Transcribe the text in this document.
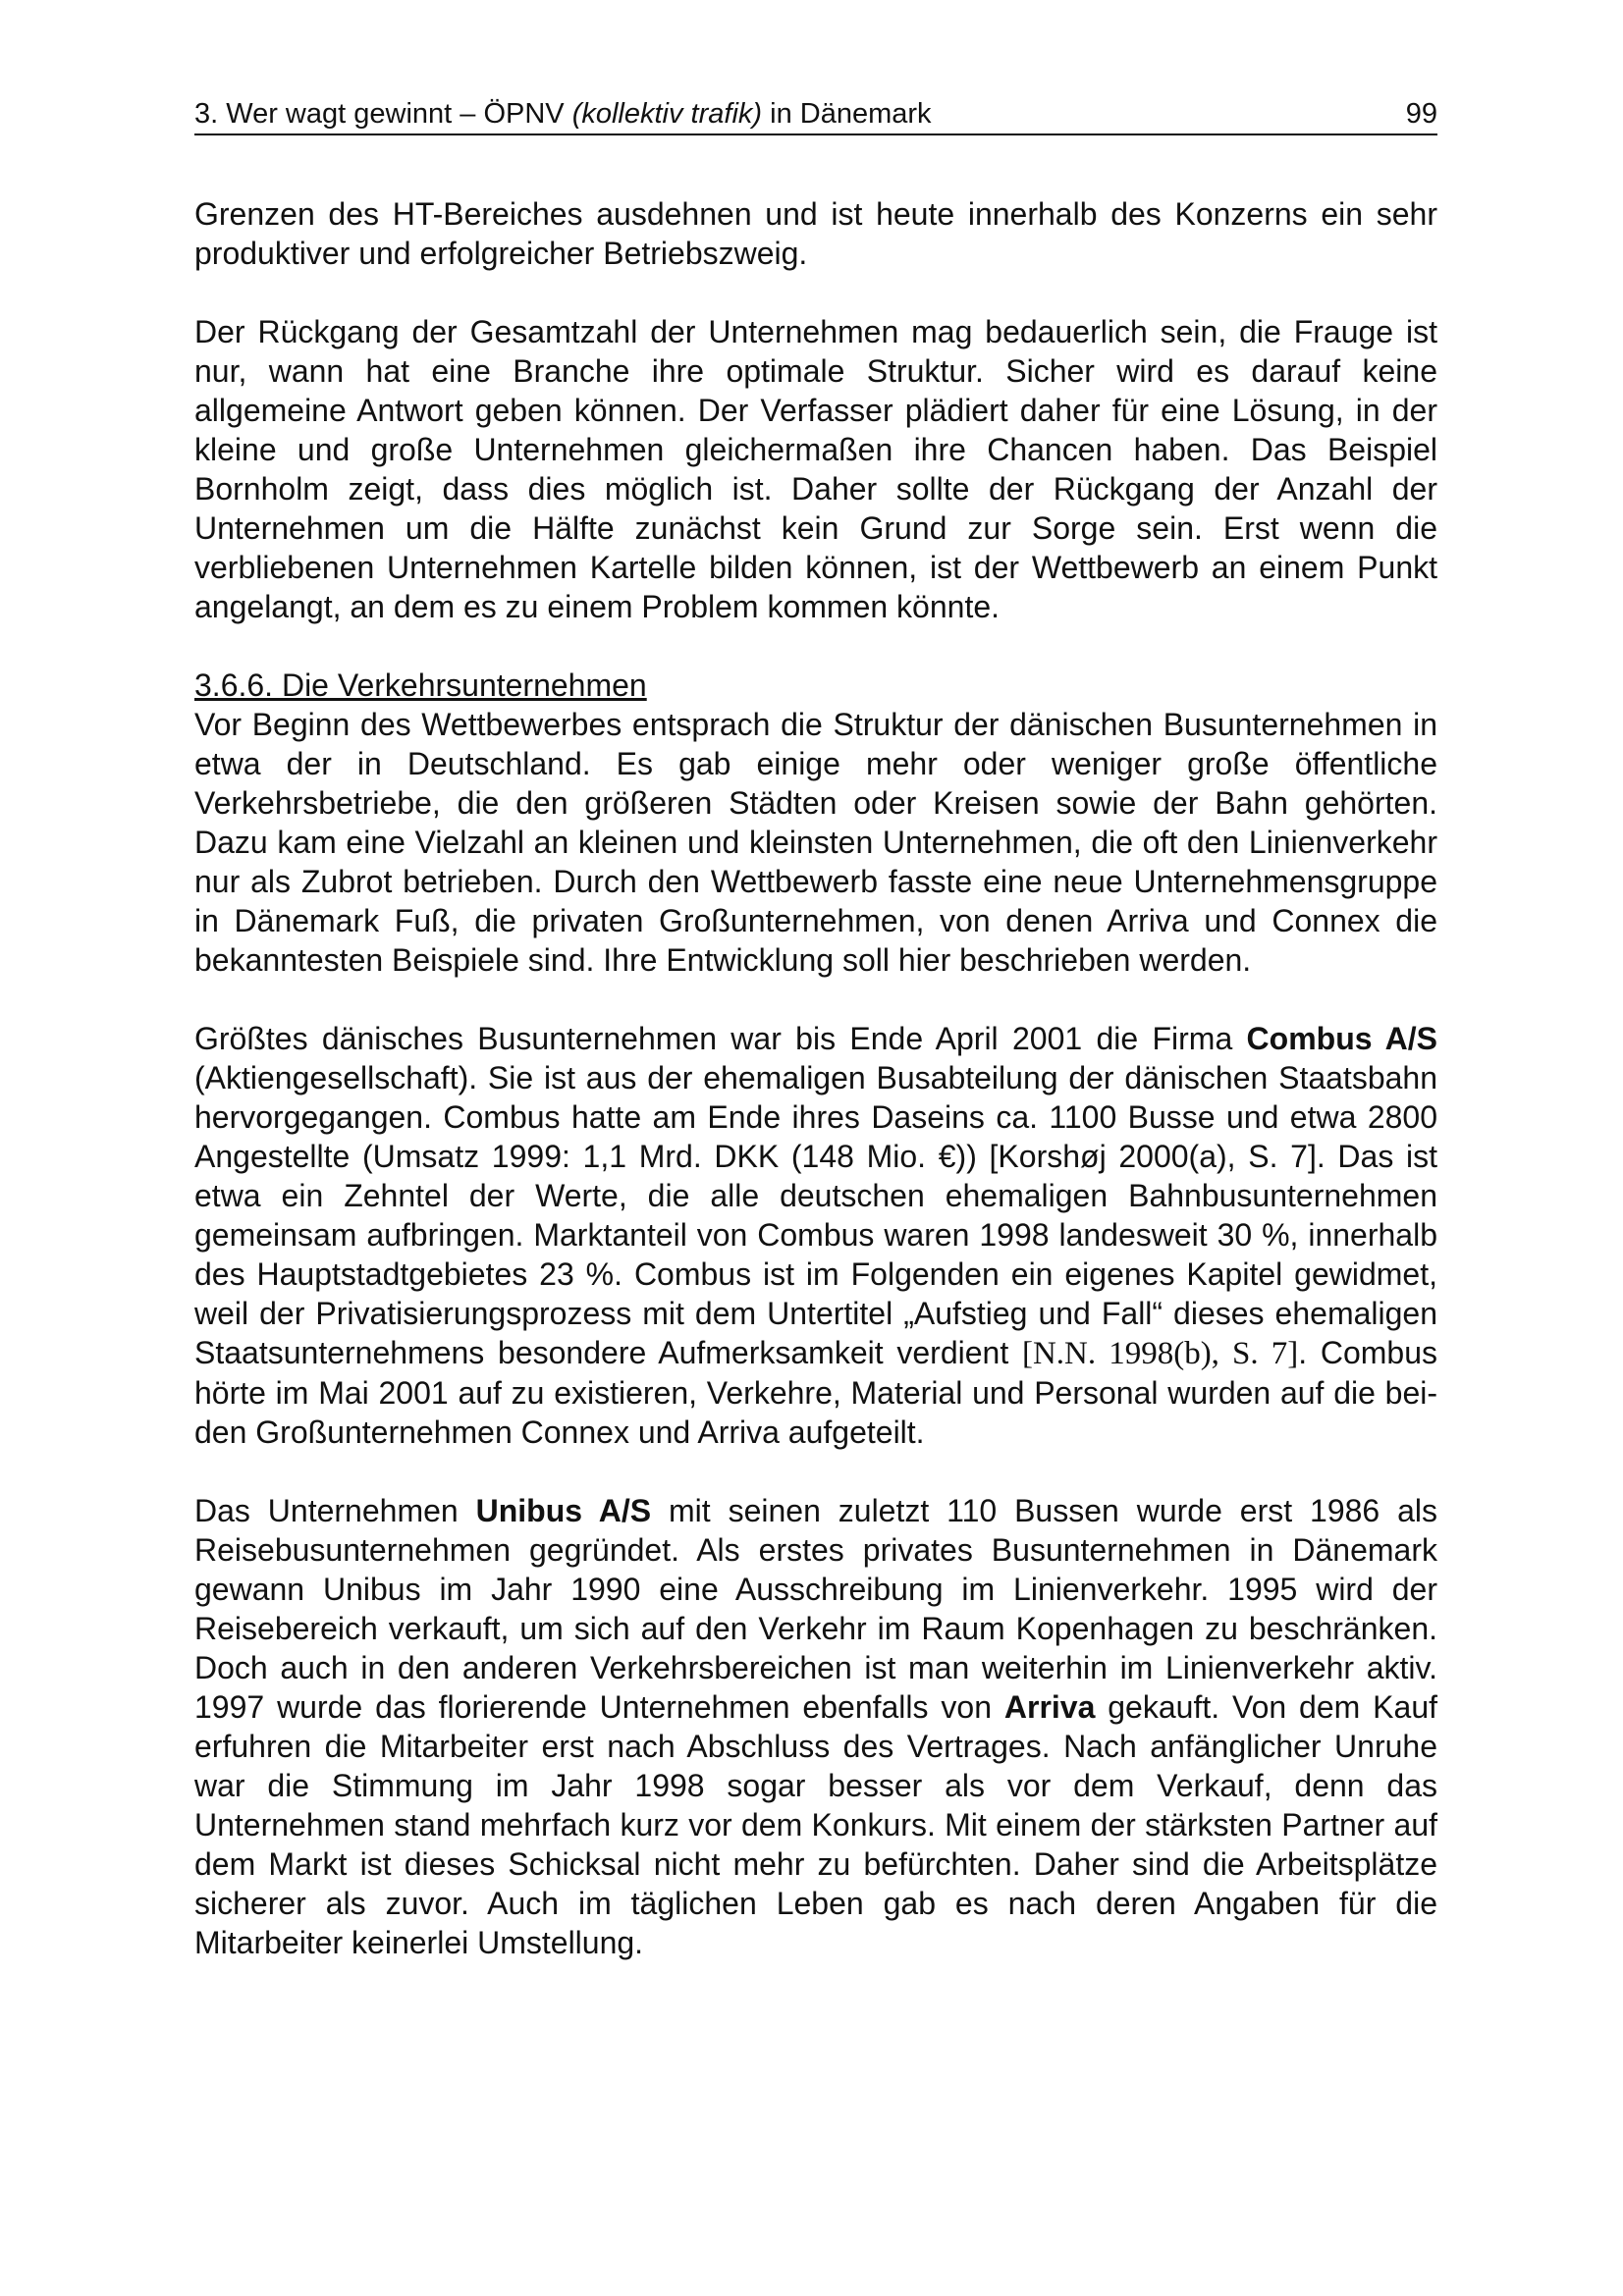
3. Wer wagt gewinnt – ÖPNV (kollektiv trafik) in Dänemark	99

Grenzen des HT-Bereiches ausdehnen und ist heute innerhalb des Konzerns ein sehr produktiver und erfolgreicher Betriebszweig.

Der Rückgang der Gesamtzahl der Unternehmen mag bedauerlich sein, die Frauge ist nur, wann hat eine Branche ihre optimale Struktur. Sicher wird es darauf keine allgemeine Antwort geben können. Der Verfasser plädiert daher für eine Lösung, in der kleine und große Unternehmen gleichermaßen ihre Chancen haben. Das Beispiel Bornholm zeigt, dass dies möglich ist. Daher sollte der Rückgang der Anzahl der Unternehmen um die Hälfte zunächst kein Grund zur Sorge sein. Erst wenn die verbliebenen Unternehmen Kartelle bilden können, ist der Wettbewerb an einem Punkt angelangt, an dem es zu einem Problem kommen könnte.

3.6.6. Die Verkehrsunternehmen

Vor Beginn des Wettbewerbes entsprach die Struktur der dänischen Busunternehmen in etwa der in Deutschland. Es gab einige mehr oder weniger große öffentliche Verkehrsbetriebe, die den größeren Städten oder Kreisen sowie der Bahn gehörten. Dazu kam eine Vielzahl an kleinen und kleinsten Unternehmen, die oft den Linienverkehr nur als Zubrot betrieben. Durch den Wettbewerb fasste eine neue Unternehmensgruppe in Dänemark Fuß, die privaten Großunternehmen, von denen Arriva und Connex die bekanntesten Beispiele sind. Ihre Entwicklung soll hier beschrieben werden.

Größtes dänisches Busunternehmen war bis Ende April 2001 die Firma Combus A/S (Aktiengesellschaft). Sie ist aus der ehemaligen Busabteilung der dänischen Staatsbahn hervorgegangen. Combus hatte am Ende ihres Daseins ca. 1100 Busse und etwa 2800 Angestellte (Umsatz 1999: 1,1 Mrd. DKK (148 Mio. €)) [Korshøj 2000(a), S. 7]. Das ist etwa ein Zehntel der Werte, die alle deutschen ehemaligen Bahnbusunternehmen gemeinsam aufbringen. Marktanteil von Combus waren 1998 landesweit 30 %, innerhalb des Hauptstadtgebietes 23 %. Combus ist im Folgenden ein eigenes Kapitel gewidmet, weil der Privatisierungsprozess mit dem Untertitel „Aufstieg und Fall“ dieses ehemaligen Staatsunternehmens besondere Aufmerksamkeit verdient [N.N. 1998(b), S. 7]. Combus hörte im Mai 2001 auf zu existieren, Verkehre, Material und Personal wurden auf die beiden Großunternehmen Connex und Arriva aufgeteilt.

Das Unternehmen Unibus A/S mit seinen zuletzt 110 Bussen wurde erst 1986 als Reisebusunternehmen gegründet. Als erstes privates Busunternehmen in Dänemark gewann Unibus im Jahr 1990 eine Ausschreibung im Linienverkehr. 1995 wird der Reisebereich verkauft, um sich auf den Verkehr im Raum Kopenhagen zu beschränken. Doch auch in den anderen Verkehrsbereichen ist man weiterhin im Linienverkehr aktiv. 1997 wurde das florierende Unternehmen ebenfalls von Arriva gekauft. Von dem Kauf erfuhren die Mitarbeiter erst nach Abschluss des Vertrages. Nach anfänglicher Unruhe war die Stimmung im Jahr 1998 sogar besser als vor dem Verkauf, denn das Unternehmen stand mehrfach kurz vor dem Konkurs. Mit einem der stärksten Partner auf dem Markt ist dieses Schicksal nicht mehr zu befürchten. Daher sind die Arbeitsplätze sicherer als zuvor. Auch im täglichen Leben gab es nach deren Angaben für die Mitarbeiter keinerlei Umstellung.
